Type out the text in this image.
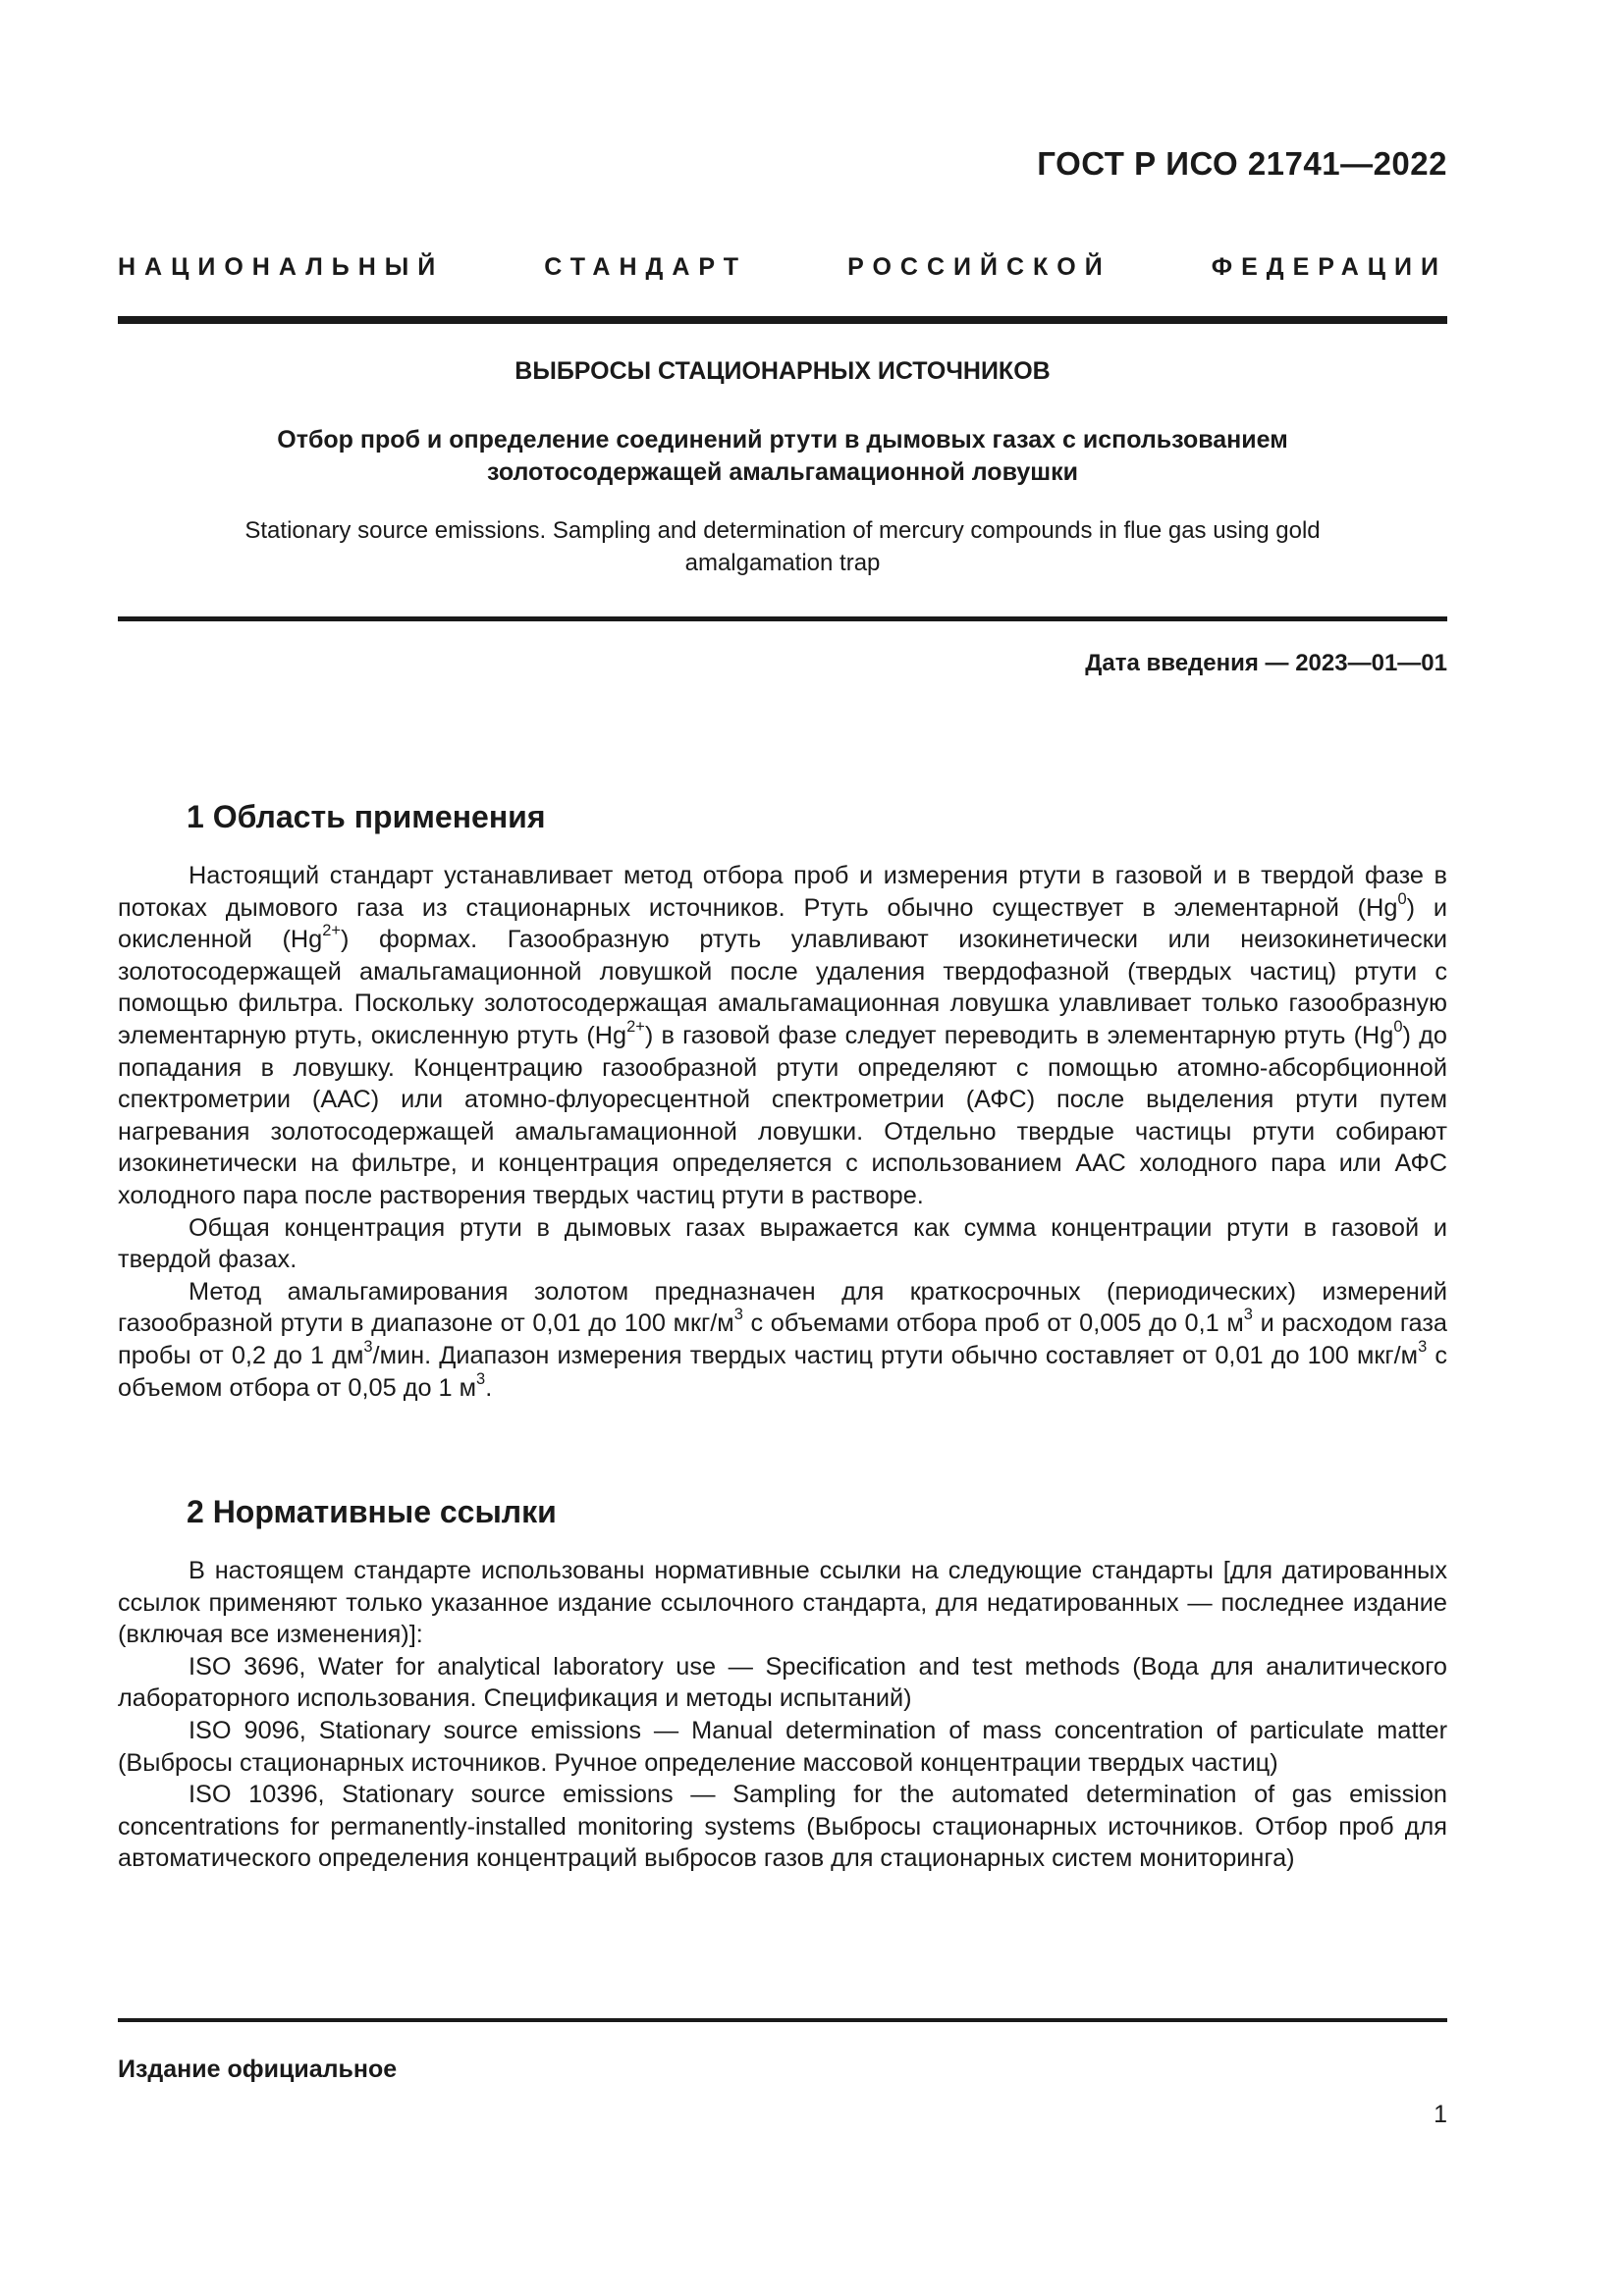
ГОСТ Р ИСО 21741—2022
НАЦИОНАЛЬНЫЙ СТАНДАРТ РОССИЙСКОЙ ФЕДЕРАЦИИ
ВЫБРОСЫ СТАЦИОНАРНЫХ ИСТОЧНИКОВ
Отбор проб и определение соединений ртути в дымовых газах с использованием золотосодержащей амальгамационной ловушки
Stationary source emissions. Sampling and determination of mercury compounds in flue gas using gold amalgamation trap
Дата введения — 2023—01—01
1 Область применения

Настоящий стандарт устанавливает метод отбора проб и измерения ртути в газовой и в твердой фазе в потоках дымового газа из стационарных источников. Ртуть обычно существует в элементарной (Hg$^0$) и окисленной $(Hg^{2+})$ формах. Газообразную ртуть улавливают изокинетически или неизокинетически золотосодержащей амальгамационной ловушкой после удаления твердофазной (твердых частиц) ртути с помощью фильтра. Поскольку золотосодержащая амальгамационная ловушка улавливает только газообразную элементарную ртуть, окисленную ртуть $(Hg^{2+})$ в газовой фазе следует переводить в элементарную ртуть (Hg$^0$) до попадания в ловушку. Концентрацию газообразной ртути определяют с помощью атомно-абсорбционной спектрометрии (ААС) или атомно-флуоресцентной спектрометрии (АФС) после выделения ртути путем нагревания золотосодержащей амальгамационной ловушки. Отдельно твердые частицы ртути собирают изокинетически на фильтре, и концентрация определяется с использованием ААС холодного пара или АФС холодного пара после растворения твердых частиц ртути в растворе.

Общая концентрация ртути в дымовых газах выражается как сумма концентрации ртути в газовой и твердой фазах.

Метод амальгамирования золотом предназначен для краткосрочных (периодических) измерений газообразной ртути в диапазоне от 0,01 до 100 мкг/$м^3$ с объемами отбора проб от 0,005 до 0,1 $м^3$ и расходом газа пробы от 0,2 до 1 $дм^3$/мин. Диапазон измерения твердых частиц ртути обычно составляет от 0,01 до 100 мкг/$м^3$ с объемом отбора от 0,05 до 1 $м^3$.

2 Нормативные ссылки

В настоящем стандарте использованы нормативные ссылки на следующие стандарты [для датированных ссылок применяют только указанное издание ссылочного стандарта, для недатированных — последнее издание (включая все изменения)]:

ISO 3696, Water for analytical laboratory use — Specification and test methods (Вода для аналитического лабораторного использования. Спецификация и методы испытаний)

ISO 9096, Stationary source emissions — Manual determination of mass concentration of particulate matter (Выбросы стационарных источников. Ручное определение массовой концентрации твердых частиц)

ISO 10396, Stationary source emissions — Sampling for the automated determination of gas emission concentrations for permanently-installed monitoring systems (Выбросы стационарных источников. Отбор проб для автоматического определения концентраций выбросов газов для стационарных систем мониторинга)

Издание официальное
1
